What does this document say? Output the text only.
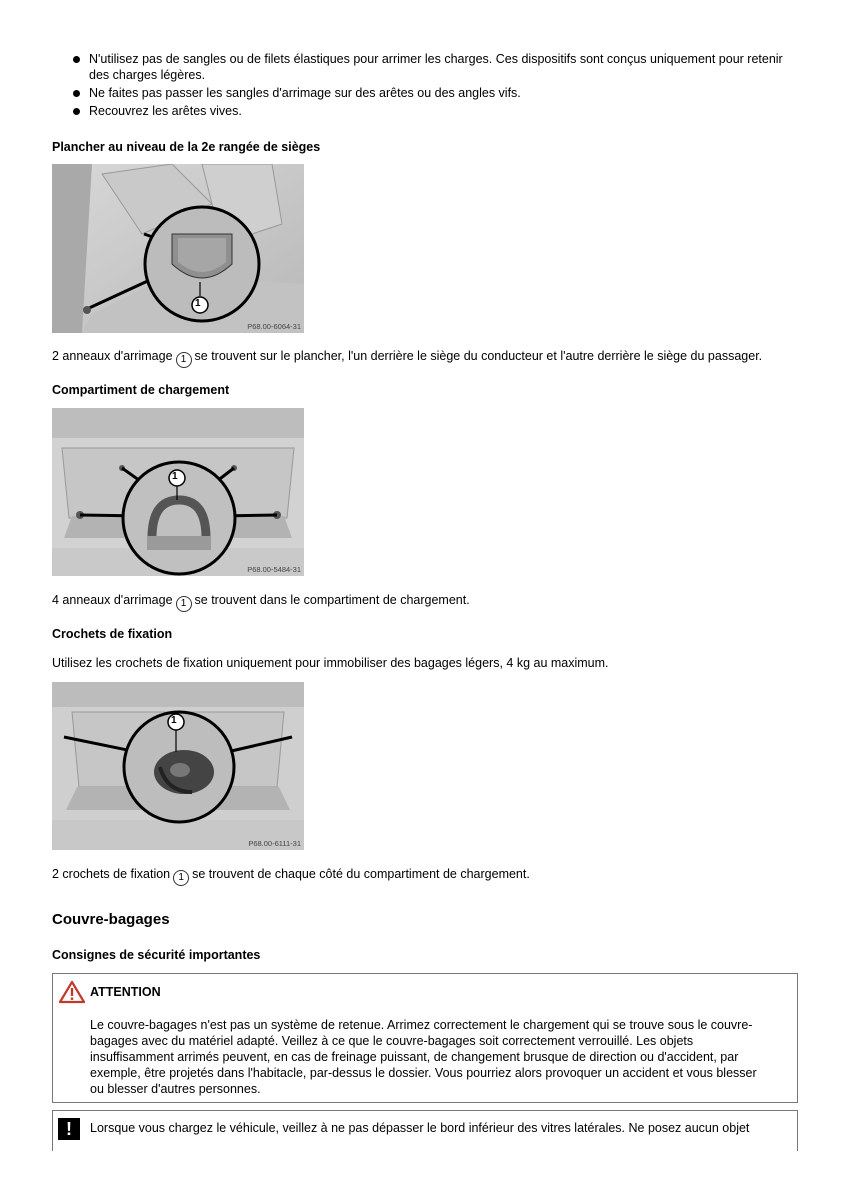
N'utilisez pas de sangles ou de filets élastiques pour arrimer les charges. Ces dispositifs sont conçus uniquement pour retenir des charges légères.
Ne faites pas passer les sangles d'arrimage sur des arêtes ou des angles vifs.
Recouvrez les arêtes vives.
Plancher au niveau de la 2e rangée de sièges
1
P68.00-6064-31
2 anneaux d'arrimage 1 se trouvent sur le plancher, l'un derrière le siège du conducteur et l'autre derrière le siège du passager.
Compartiment de chargement
1
P68.00-5484-31
4 anneaux d'arrimage 1 se trouvent dans le compartiment de chargement.
Crochets de fixation
Utilisez les crochets de fixation uniquement pour immobiliser des bagages légers, 4 kg au maximum.
1
P68.00-6111-31
2 crochets de fixation 1 se trouvent de chaque côté du compartiment de chargement.
Couvre-bagages
Consignes de sécurité importantes
ATTENTION
Le couvre-bagages n'est pas un système de retenue. Arrimez correctement le chargement qui se trouve sous le couvre-
bagages avec du matériel adapté. Veillez à ce que le couvre-bagages soit correctement verrouillé. Les objets
insuffisamment arrimés peuvent, en cas de freinage puissant, de changement brusque de direction ou d'accident, par
exemple, être projetés dans l'habitacle, par-dessus le dossier. Vous pourriez alors provoquer un accident et vous blesser
ou blesser d'autres personnes.
!	Lorsque vous chargez le véhicule, veillez à ne pas dépasser le bord inférieur des vitres latérales. Ne posez aucun objet
